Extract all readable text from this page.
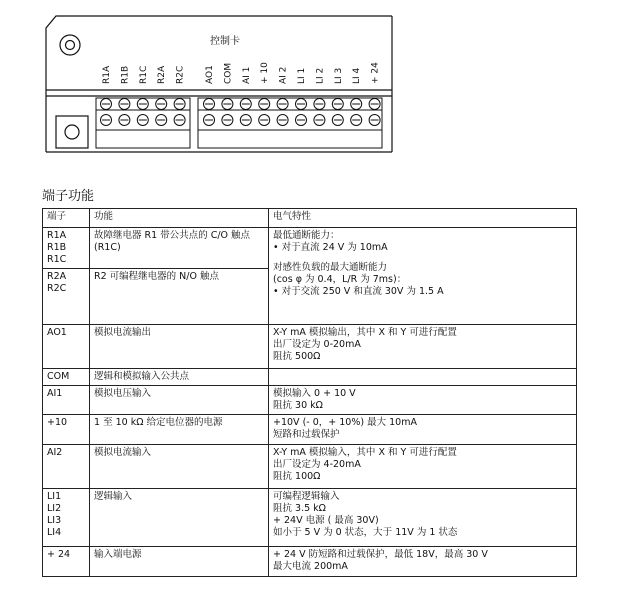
控制卡
R1A R1B R1C R2A R2C AO1 COM AI 1 + 10 AI 2 LI 1 LI 2 LI 3 LI 4 + 24
端子功能
端子	功能	电气特性

R1A
R1B
R1C	故障继电器 R1 带公共点的 C/O 触点 (R1C)	最低通断能力：
• 对于直流 24 V 为 10mA
对感性负载的最大通断能力
(cos φ 为 0.4，L/R 为 7ms)：
• 对于交流 250 V 和直流 30V 为 1.5 A

R2A
R2C	R2 可编程继电器的 N/O 触点	

AO1	模拟电流输出	X-Y mA 模拟输出，其中 X 和 Y 可进行配置
出厂设定为 0-20mA
阻抗 500Ω

COM	逻辑和模拟输入公共点	

AI1	模拟电压输入	模拟输入 0 + 10 V
阻抗 30 kΩ

+10	1 至 10 kΩ 给定电位器的电源	+10V (- 0，+ 10%) 最大 10mA
短路和过载保护

AI2	模拟电流输入	X-Y mA 模拟输入，其中 X 和 Y 可进行配置
出厂设定为 4-20mA
阻抗 100Ω

LI1
LI2
LI3
LI4	逻辑输入	可编程逻辑输入
阻抗 3.5 kΩ
+ 24V 电源 ( 最高 30V)
如小于 5 V 为 0 状态，大于 11V 为 1 状态

+ 24	输入端电源	+ 24 V 防短路和过载保护，最低 18V，最高 30 V
最大电流 200mA
